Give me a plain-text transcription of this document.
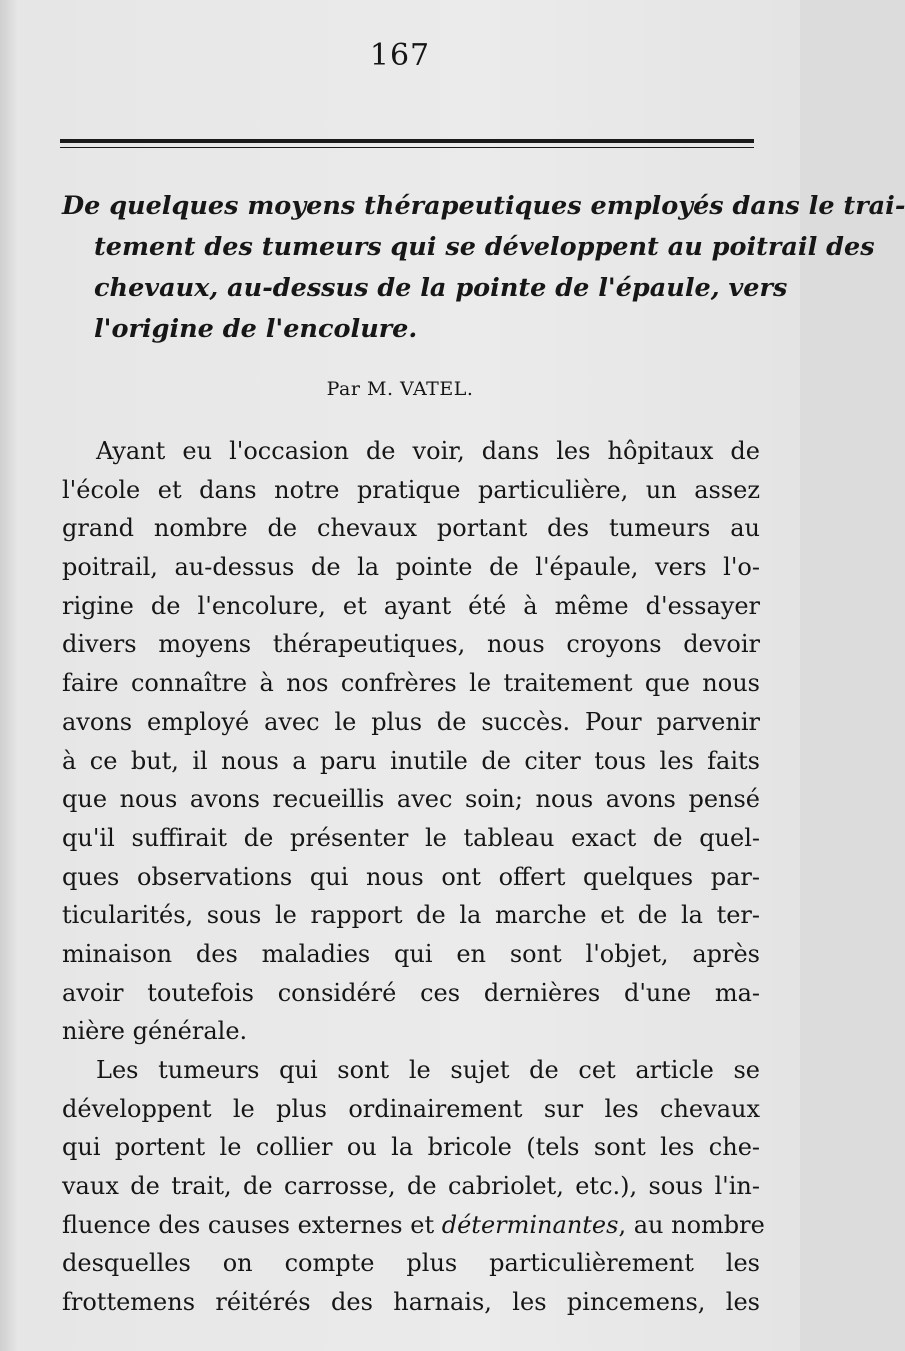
167
De quelques moyens thérapeutiques employés dans le trai-
tement des tumeurs qui se développent au poitrail des
chevaux, au-dessus de la pointe de l'épaule, vers
l'origine de l'encolure.
Par M. VATEL.
Ayant eu l'occasion de voir, dans les hôpitaux de
l'école et dans notre pratique particulière, un assez
grand nombre de chevaux portant des tumeurs au
poitrail, au-dessus de la pointe de l'épaule, vers l'o-
rigine de l'encolure, et ayant été à même d'essayer
divers moyens thérapeutiques, nous croyons devoir
faire connaître à nos confrères le traitement que nous
avons employé avec le plus de succès. Pour parvenir
à ce but, il nous a paru inutile de citer tous les faits
que nous avons recueillis avec soin; nous avons pensé
qu'il suffirait de présenter le tableau exact de quel-
ques observations qui nous ont offert quelques par-
ticularités, sous le rapport de la marche et de la ter-
minaison des maladies qui en sont l'objet, après
avoir toutefois considéré ces dernières d'une ma-
nière générale.
Les tumeurs qui sont le sujet de cet article se
développent le plus ordinairement sur les chevaux
qui portent le collier ou la bricole (tels sont les che-
vaux de trait, de carrosse, de cabriolet, etc.), sous l'in-
fluence des causes externes et déterminantes, au nombre
desquelles on compte plus particulièrement les
frottemens réitérés des harnais, les pincemens, les
